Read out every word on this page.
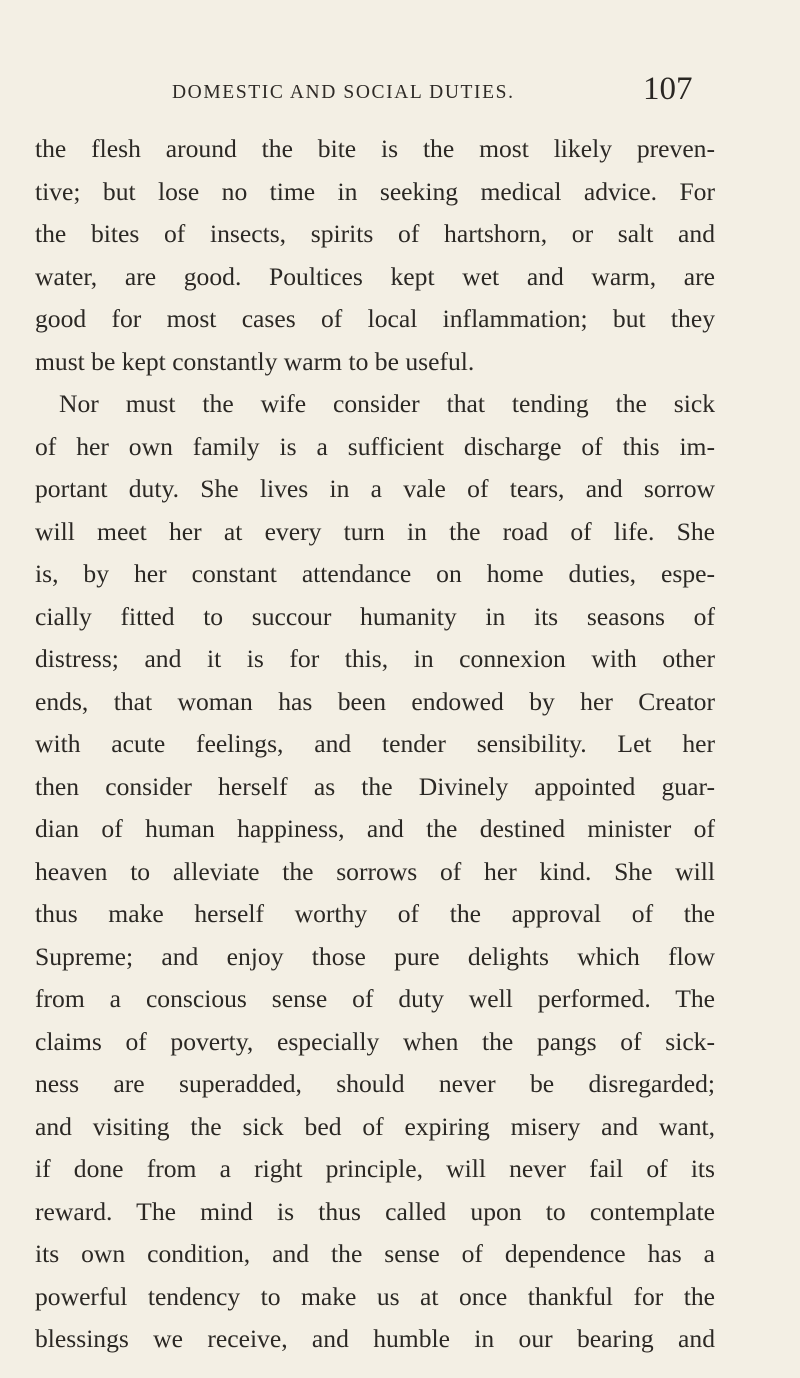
DOMESTIC AND SOCIAL DUTIES.	107
the flesh around the bite is the most likely preven-
tive; but lose no time in seeking medical advice. For
the bites of insects, spirits of hartshorn, or salt and
water, are good. Poultices kept wet and warm, are
good for most cases of local inflammation; but they
must be kept constantly warm to be useful.
Nor must the wife consider that tending the sick
of her own family is a sufficient discharge of this im-
portant duty. She lives in a vale of tears, and sorrow
will meet her at every turn in the road of life. She
is, by her constant attendance on home duties, espe-
cially fitted to succour humanity in its seasons of
distress; and it is for this, in connexion with other
ends, that woman has been endowed by her Creator
with acute feelings, and tender sensibility. Let her
then consider herself as the Divinely appointed guar-
dian of human happiness, and the destined minister of
heaven to alleviate the sorrows of her kind. She will
thus make herself worthy of the approval of the
Supreme; and enjoy those pure delights which flow
from a conscious sense of duty well performed. The
claims of poverty, especially when the pangs of sick-
ness are superadded, should never be disregarded;
and visiting the sick bed of expiring misery and want,
if done from a right principle, will never fail of its
reward. The mind is thus called upon to contemplate
its own condition, and the sense of dependence has a
powerful tendency to make us at once thankful for the
blessings we receive, and humble in our bearing and
